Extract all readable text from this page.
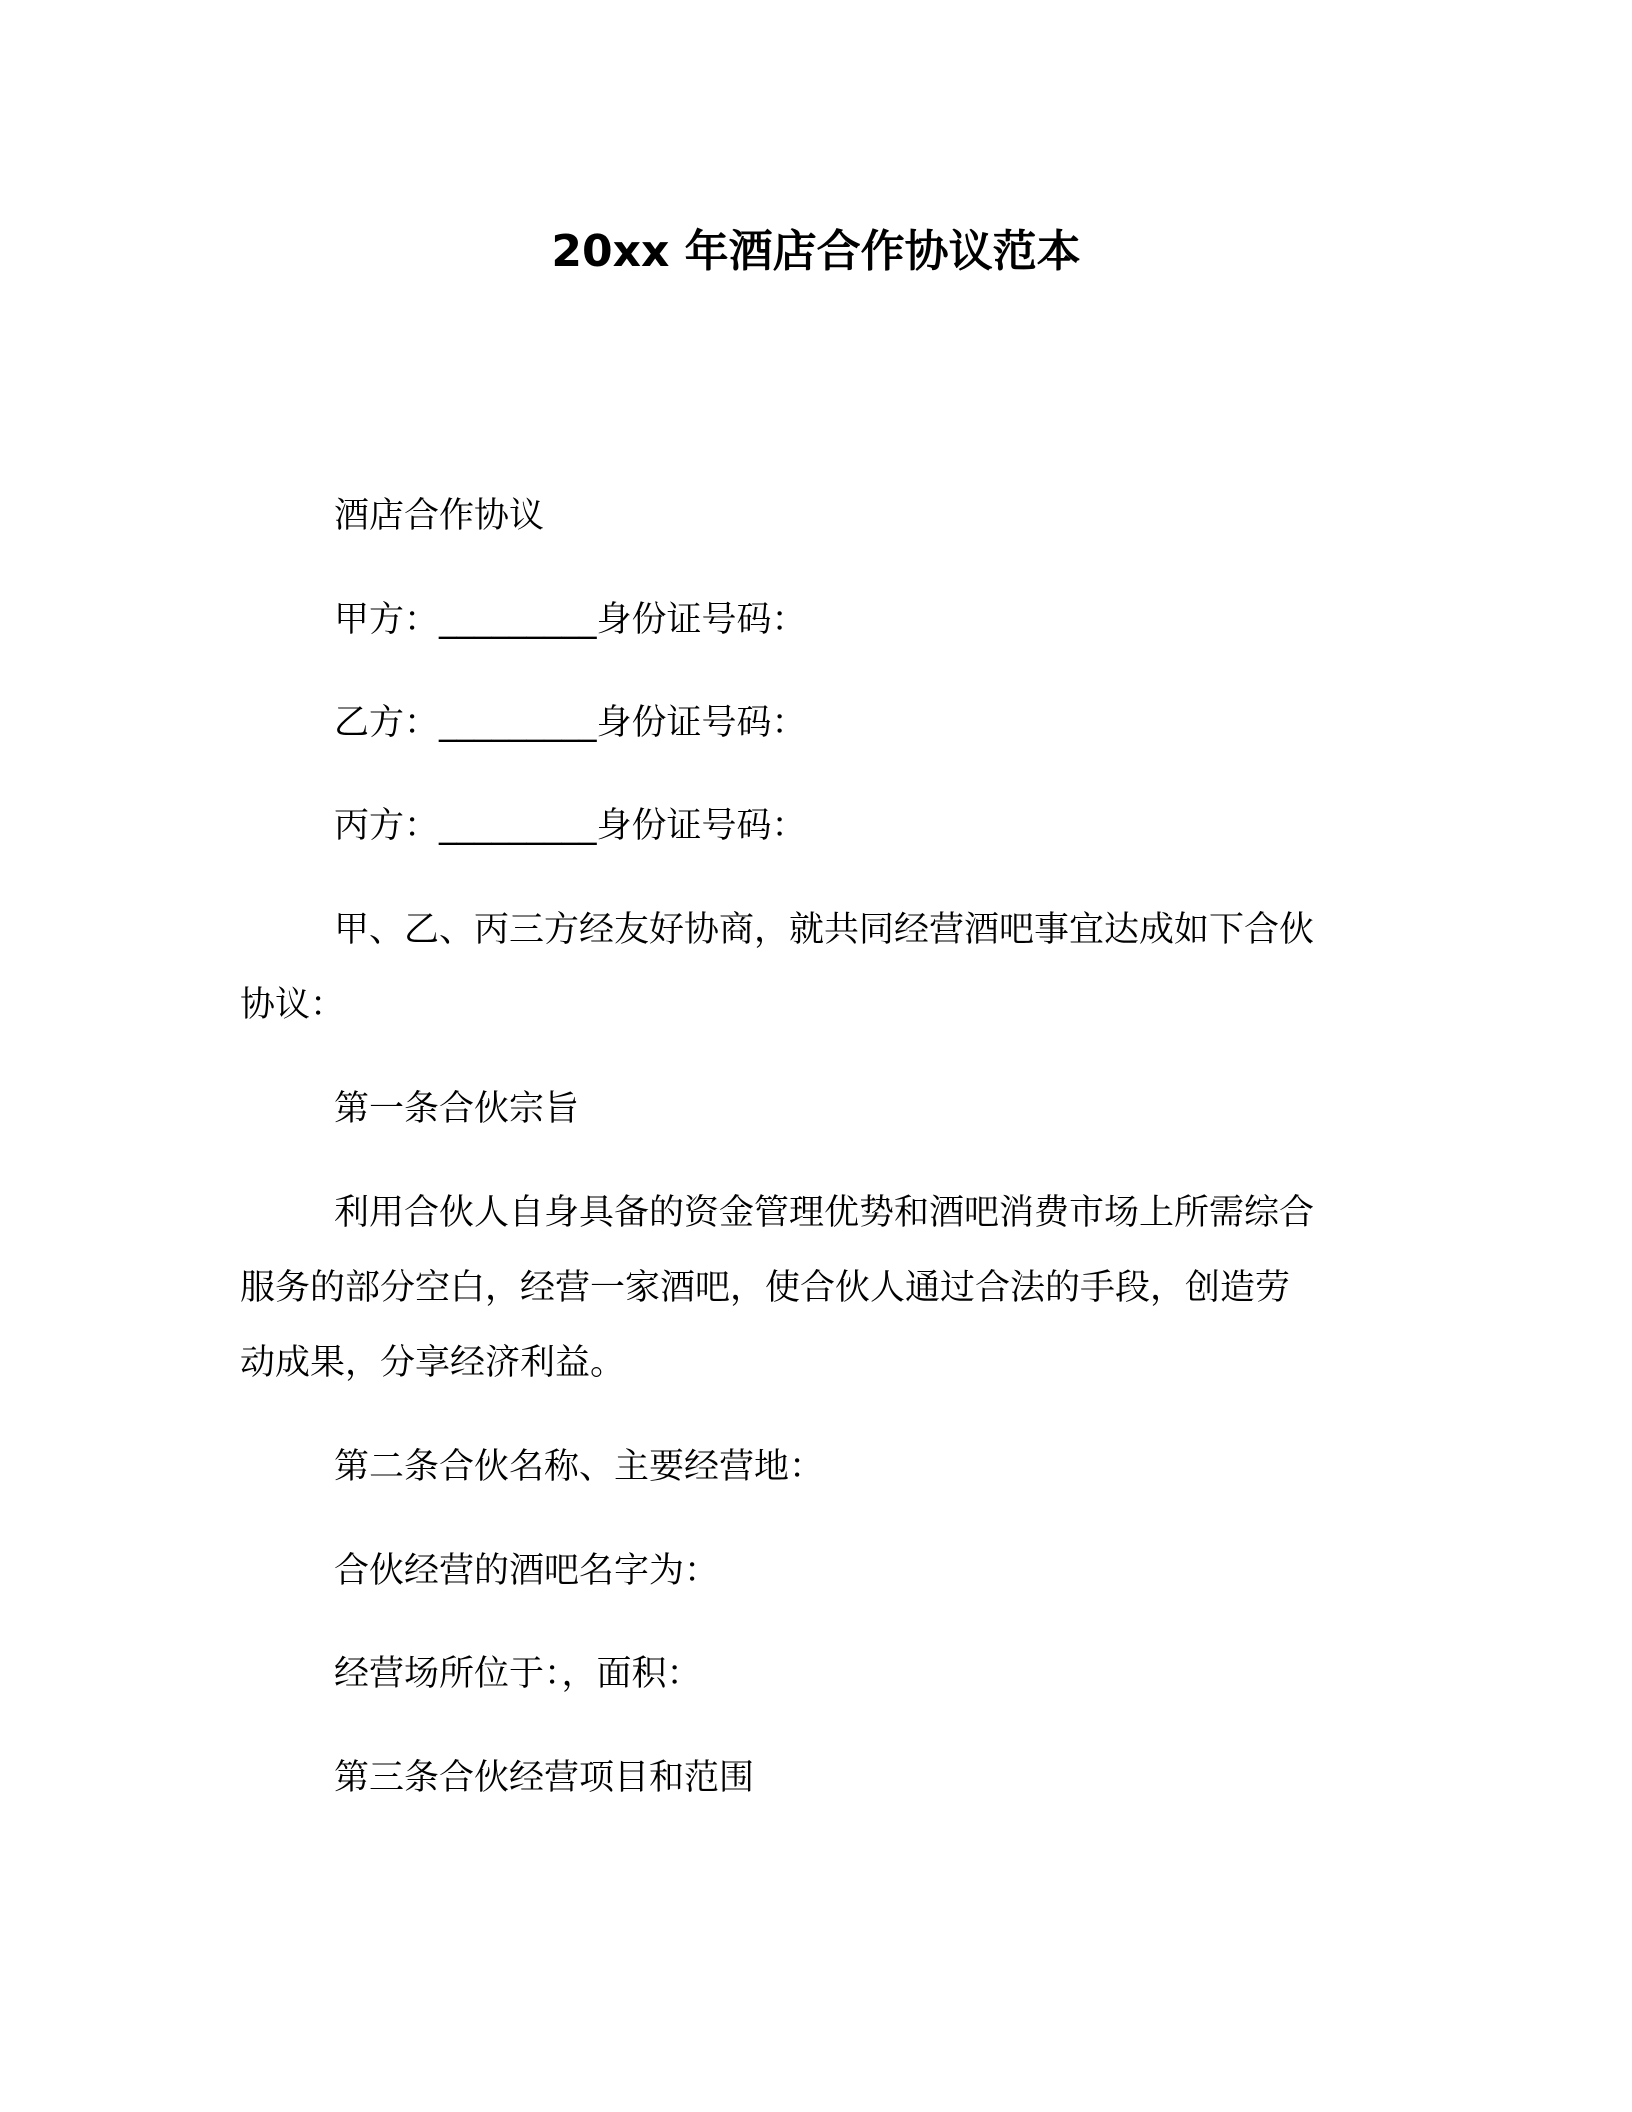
20xx 年酒店合作协议范本
酒店合作协议
甲方：_________身份证号码：
乙方：_________身份证号码：
丙方：_________身份证号码：
甲、乙、丙三方经友好协商，就共同经营酒吧事宜达成如下合伙
协议：
第一条合伙宗旨
利用合伙人自身具备的资金管理优势和酒吧消费市场上所需综合
服务的部分空白，经营一家酒吧，使合伙人通过合法的手段，创造劳
动成果，分享经济利益。
第二条合伙名称、主要经营地：
合伙经营的酒吧名字为：
经营场所位于：，面积：
第三条合伙经营项目和范围
